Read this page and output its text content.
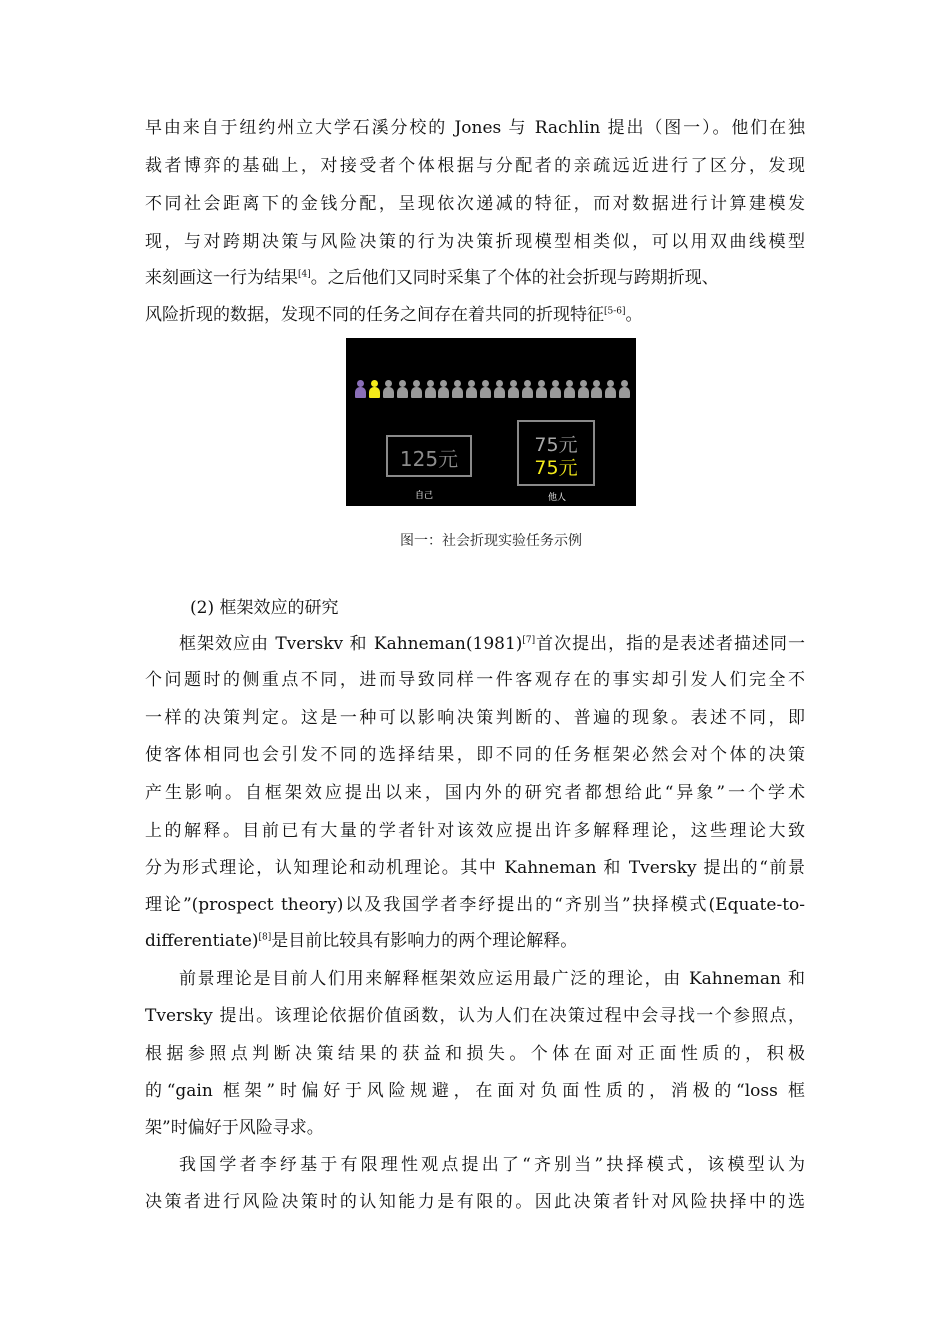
早由来自于纽约州立大学石溪分校的 Jones 与 Rachlin 提出（图一）。他们在独
裁者博弈的基础上，对接受者个体根据与分配者的亲疏远近进行了区分，发现
不同社会距离下的金钱分配，呈现依次递减的特征，而对数据进行计算建模发
现，与对跨期决策与风险决策的行为决策折现模型相类似，可以用双曲线模型
来刻画这一行为结果[4]。之后他们又同时采集了个体的社会折现与跨期折现、
风险折现的数据，发现不同的任务之间存在着共同的折现特征[5-6]。
125元
75元
75元
自己	他人
图一：社会折现实验任务示例
(2) 框架效应的研究
框架效应由 Tverskv 和 Kahneman(1981)[7]首次提出，指的是表述者描述同一
个问题时的侧重点不同，进而导致同样一件客观存在的事实却引发人们完全不
一样的决策判定。这是一种可以影响决策判断的、普遍的现象。表述不同，即
使客体相同也会引发不同的选择结果，即不同的任务框架必然会对个体的决策
产生影响。自框架效应提出以来，国内外的研究者都想给此“异象”一个学术
上的解释。目前已有大量的学者针对该效应提出许多解释理论，这些理论大致
分为形式理论，认知理论和动机理论。其中 Kahneman 和 Tversky 提出的“前景
理论”(prospect theory)以及我国学者李纾提出的“齐别当”抉择模式(Equate-to-
differentiate)[8]是目前比较具有影响力的两个理论解释。
前景理论是目前人们用来解释框架效应运用最广泛的理论，由 Kahneman 和
Tversky 提出。该理论依据价值函数，认为人们在决策过程中会寻找一个参照点，
根据参照点判断决策结果的获益和损失。个体在面对正面性质的，积极
的“gain 框架”时偏好于风险规避，在面对负面性质的，消极的“loss 框
架”时偏好于风险寻求。
我国学者李纾基于有限理性观点提出了“齐别当”抉择模式，该模型认为
决策者进行风险决策时的认知能力是有限的。因此决策者针对风险抉择中的选
